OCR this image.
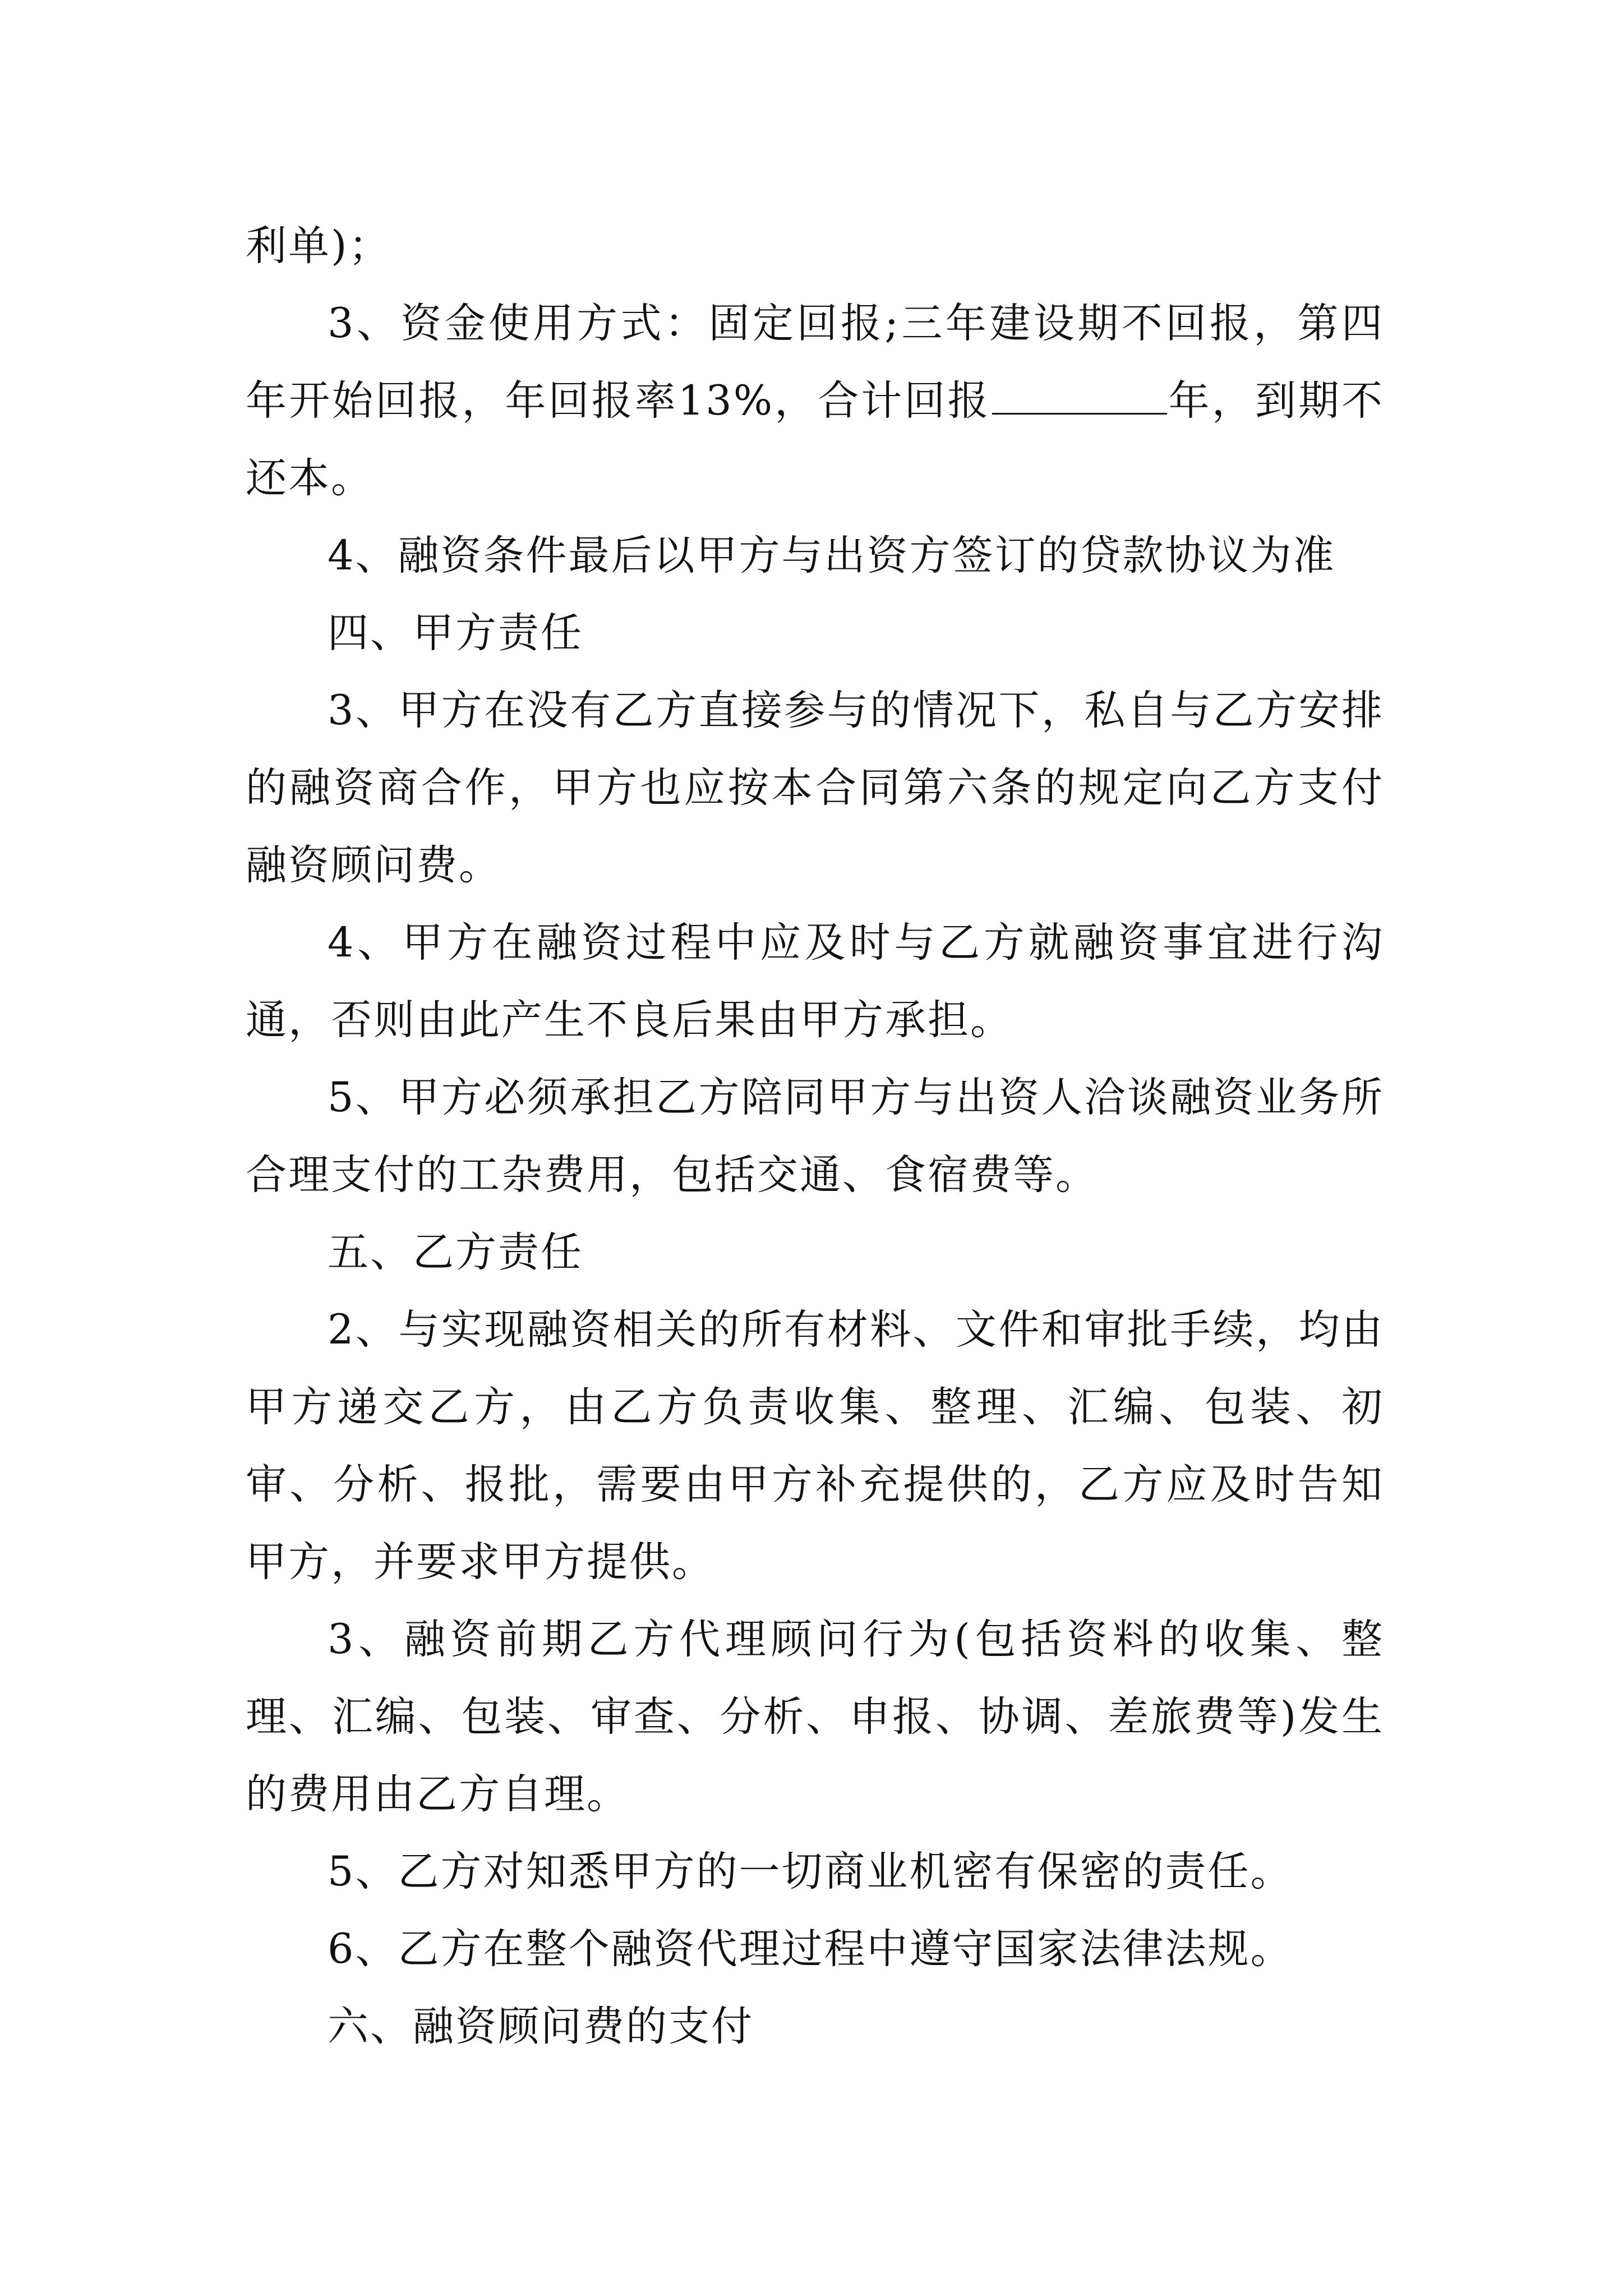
利单)；

3、资金使用方式：固定回报;三年建设期不回报，第四年开始回报，年回报率13%，合计回报	年，到期不还本。

4、融资条件最后以甲方与出资方签订的贷款协议为准

四、甲方责任

3、甲方在没有乙方直接参与的情况下，私自与乙方安排的融资商合作，甲方也应按本合同第六条的规定向乙方支付融资顾问费。

4、甲方在融资过程中应及时与乙方就融资事宜进行沟通，否则由此产生不良后果由甲方承担。

5、甲方必须承担乙方陪同甲方与出资人洽谈融资业务所合理支付的工杂费用，包括交通、食宿费等。

五、乙方责任

2、与实现融资相关的所有材料、文件和审批手续，均由甲方递交乙方，由乙方负责收集、整理、汇编、包装、初审、分析、报批，需要由甲方补充提供的，乙方应及时告知甲方，并要求甲方提供。

3、融资前期乙方代理顾问行为(包括资料的收集、整理、汇编、包装、审查、分析、申报、协调、差旅费等)发生的费用由乙方自理。

5、乙方对知悉甲方的一切商业机密有保密的责任。

6、乙方在整个融资代理过程中遵守国家法律法规。

六、融资顾问费的支付
